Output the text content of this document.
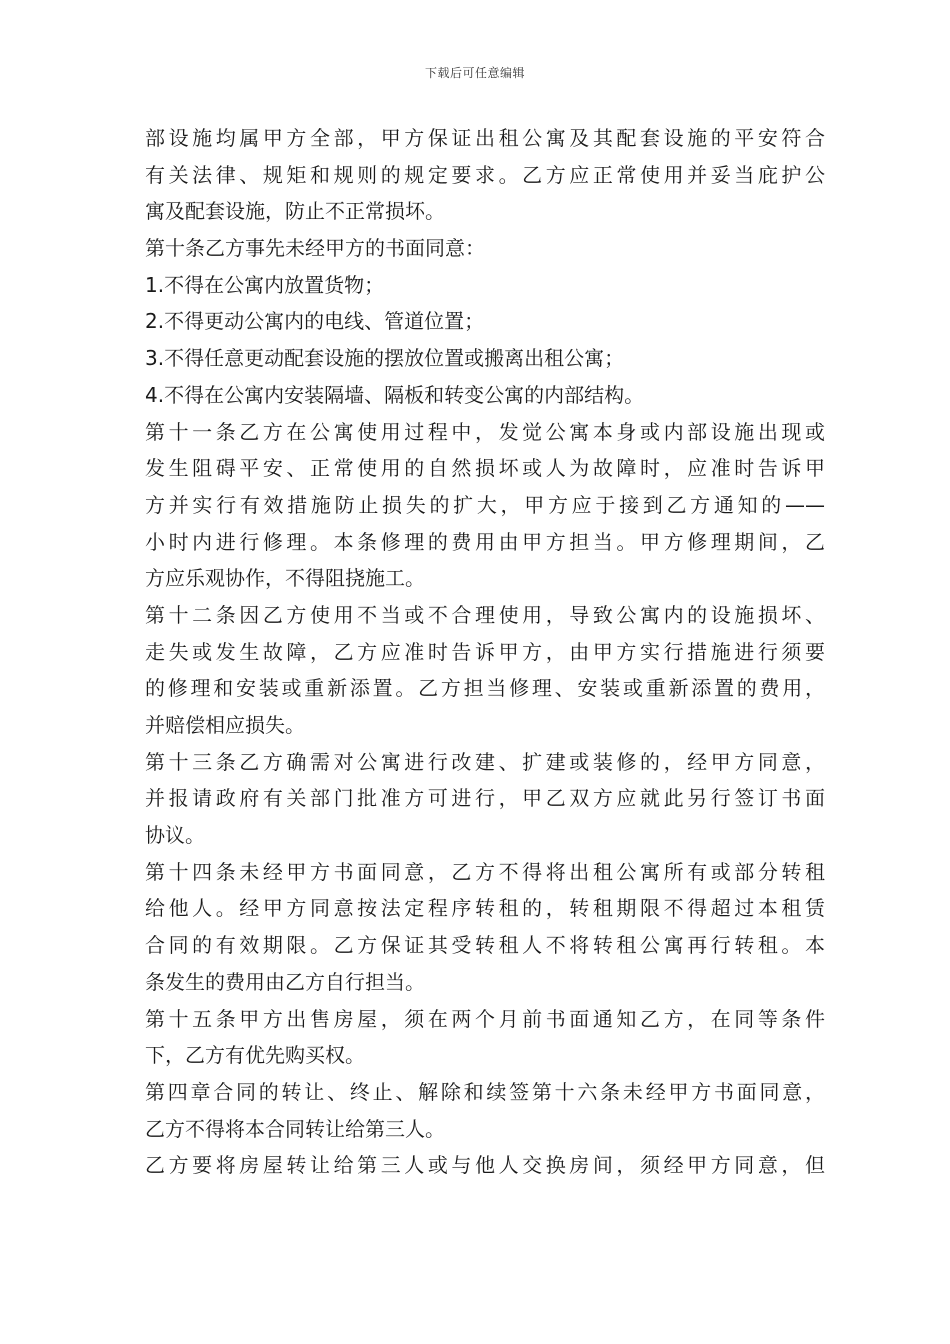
下载后可任意编辑
部设施均属甲方全部，甲方保证出租公寓及其配套设施的平安符合
有关法律、规矩和规则的规定要求。乙方应正常使用并妥当庇护公
寓及配套设施，防止不正常损坏。
第十条乙方事先未经甲方的书面同意：
1.不得在公寓内放置货物；
2.不得更动公寓内的电线、管道位置；
3.不得任意更动配套设施的摆放位置或搬离出租公寓；
4.不得在公寓内安装隔墙、隔板和转变公寓的内部结构。
第十一条乙方在公寓使用过程中，发觉公寓本身或内部设施出现或
发生阻碍平安、正常使用的自然损坏或人为故障时，应准时告诉甲
方并实行有效措施防止损失的扩大，甲方应于接到乙方通知的——
小时内进行修理。本条修理的费用由甲方担当。甲方修理期间，乙
方应乐观协作，不得阻挠施工。
第十二条因乙方使用不当或不合理使用，导致公寓内的设施损坏、
走失或发生故障，乙方应准时告诉甲方，由甲方实行措施进行须要
的修理和安装或重新添置。乙方担当修理、安装或重新添置的费用，
并赔偿相应损失。
第十三条乙方确需对公寓进行改建、扩建或装修的，经甲方同意，
并报请政府有关部门批准方可进行，甲乙双方应就此另行签订书面
协议。
第十四条未经甲方书面同意，乙方不得将出租公寓所有或部分转租
给他人。经甲方同意按法定程序转租的，转租期限不得超过本租赁
合同的有效期限。乙方保证其受转租人不将转租公寓再行转租。本
条发生的费用由乙方自行担当。
第十五条甲方出售房屋，须在两个月前书面通知乙方，在同等条件
下，乙方有优先购买权。
第四章合同的转让、终止、解除和续签第十六条未经甲方书面同意，
乙方不得将本合同转让给第三人。
乙方要将房屋转让给第三人或与他人交换房间，须经甲方同意，但
